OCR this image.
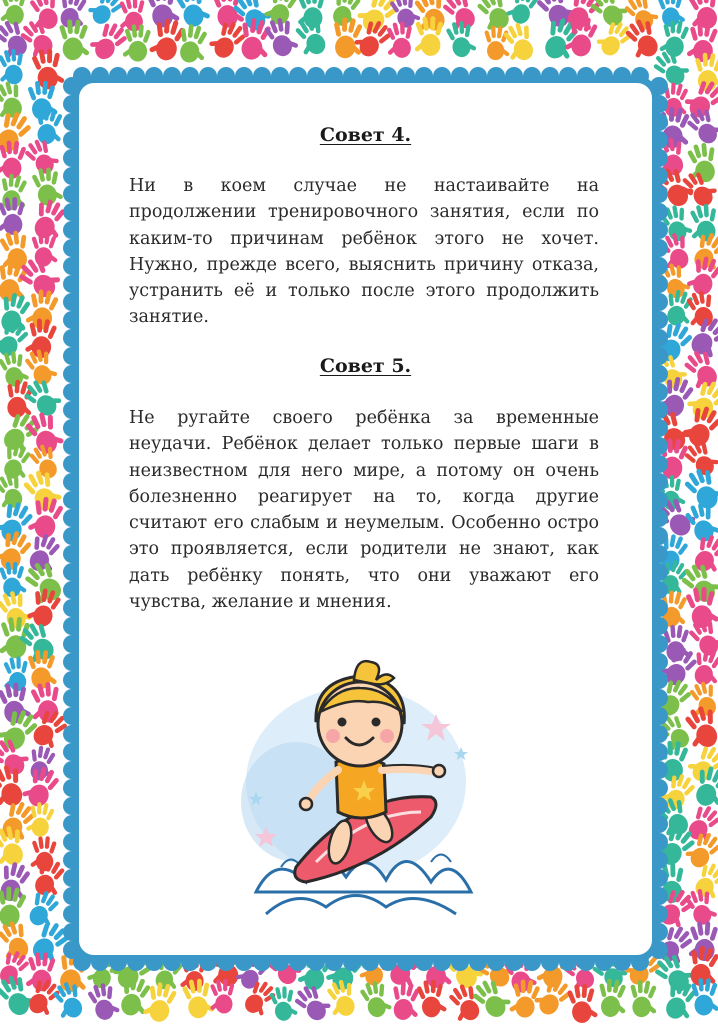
Совет 4.
Ни в коем случае не настаивайте на продолжении тренировочного занятия, если по каким-то причинам ребёнок этого не хочет. Нужно, прежде всего, выяснить причину отказа, устранить её и только после этого продолжить занятие.
Совет 5.
Не ругайте своего ребёнка за временные неудачи. Ребёнок делает только первые шаги в неизвестном для него мире, а потому он очень болезненно реагирует на то, когда другие считают его слабым и неумелым. Особенно остро это проявляется, если родители не знают, как дать ребёнку понять, что они уважают его чувства, желание и мнения.
